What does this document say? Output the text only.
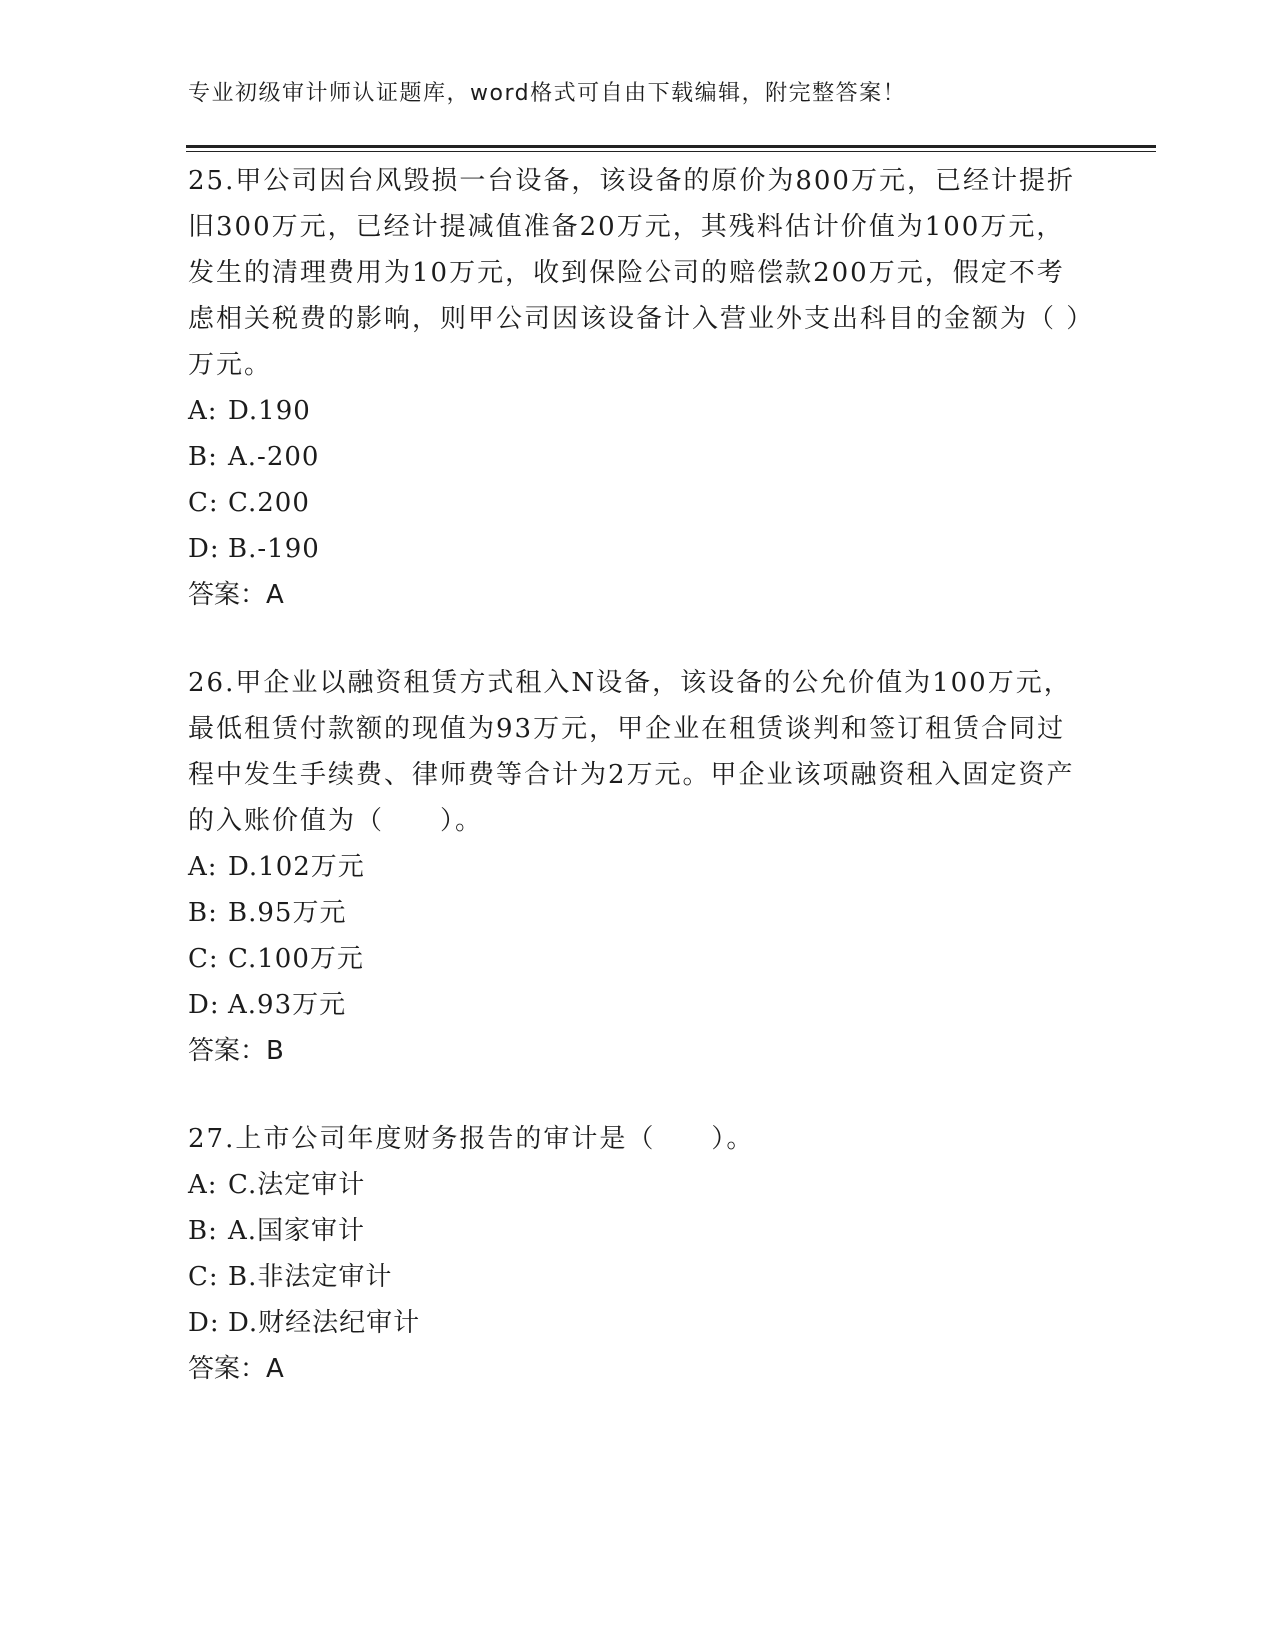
专业初级审计师认证题库，word格式可自由下载编辑，附完整答案！

25.甲公司因台风毁损一台设备，该设备的原价为800万元，已经计提折旧300万元，已经计提减值准备20万元，其残料估计价值为100万元，发生的清理费用为10万元，收到保险公司的赔偿款200万元，假定不考虑相关税费的影响，则甲公司因该设备计入营业外支出科目的金额为（ ）万元。

A: D.190
B: A.-200
C: C.200
D: B.-190
答案：A

26.甲企业以融资租赁方式租入N设备，该设备的公允价值为100万元，最低租赁付款额的现值为93万元，甲企业在租赁谈判和签订租赁合同过程中发生手续费、律师费等合计为2万元。甲企业该项融资租入固定资产的入账价值为（　　）。

A: D.102万元
B: B.95万元
C: C.100万元
D: A.93万元
答案：B

27.上市公司年度财务报告的审计是（　　）。

A: C.法定审计
B: A.国家审计
C: B.非法定审计
D: D.财经法纪审计
答案：A
